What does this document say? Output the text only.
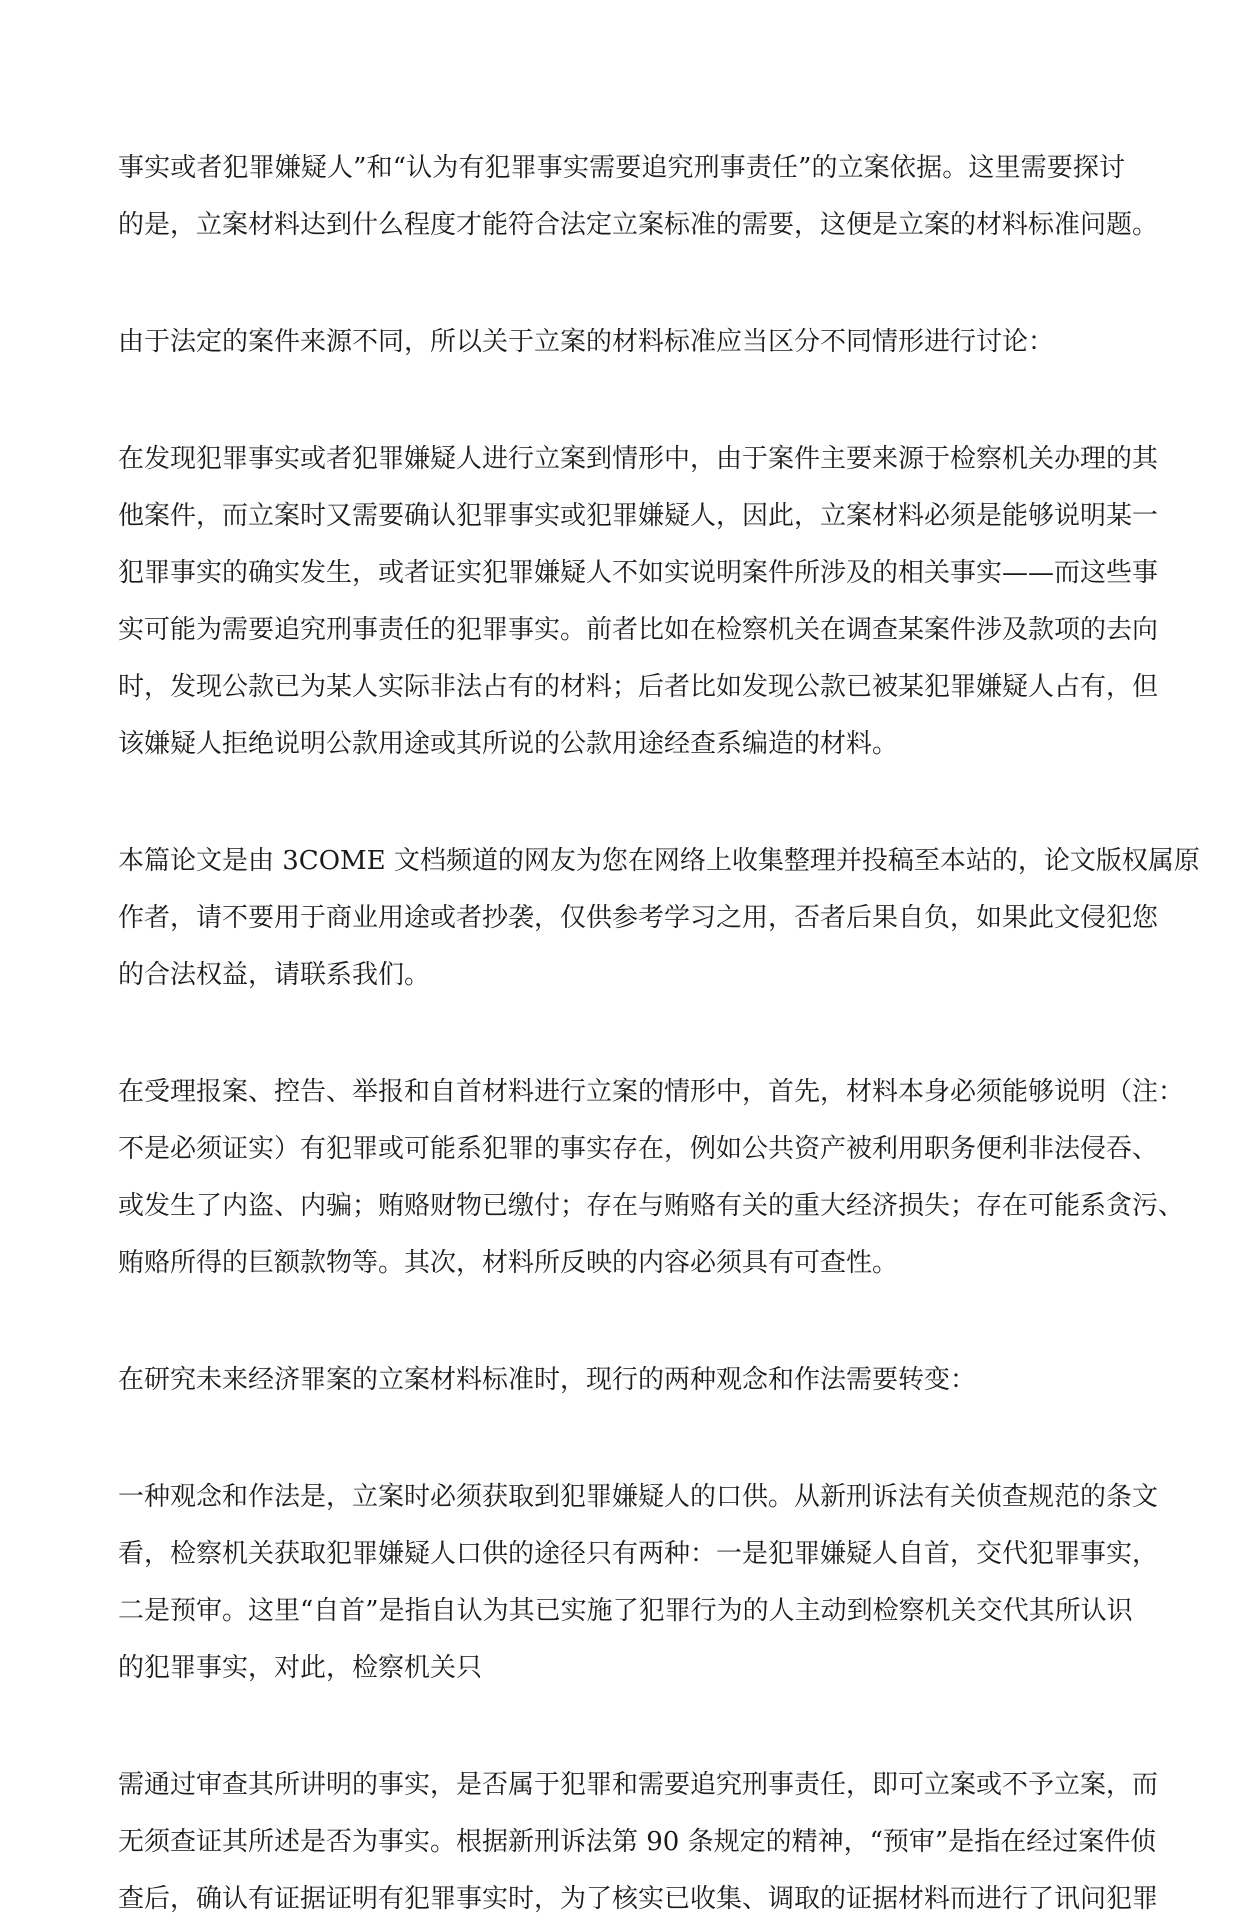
事实或者犯罪嫌疑人”和“认为有犯罪事实需要追究刑事责任”的立案依据。这里需要探讨
的是，立案材料达到什么程度才能符合法定立案标准的需要，这便是立案的材料标准问题。
由于法定的案件来源不同，所以关于立案的材料标准应当区分不同情形进行讨论：
在发现犯罪事实或者犯罪嫌疑人进行立案到情形中，由于案件主要来源于检察机关办理的其
他案件，而立案时又需要确认犯罪事实或犯罪嫌疑人，因此，立案材料必须是能够说明某一
犯罪事实的确实发生，或者证实犯罪嫌疑人不如实说明案件所涉及的相关事实——而这些事
实可能为需要追究刑事责任的犯罪事实。前者比如在检察机关在调查某案件涉及款项的去向
时，发现公款已为某人实际非法占有的材料；后者比如发现公款已被某犯罪嫌疑人占有，但
该嫌疑人拒绝说明公款用途或其所说的公款用途经查系编造的材料。
本篇论文是由 3COME 文档频道的网友为您在网络上收集整理并投稿至本站的，论文版权属原
作者，请不要用于商业用途或者抄袭，仅供参考学习之用，否者后果自负，如果此文侵犯您
的合法权益，请联系我们。
在受理报案、控告、举报和自首材料进行立案的情形中，首先，材料本身必须能够说明（注：
不是必须证实）有犯罪或可能系犯罪的事实存在，例如公共资产被利用职务便利非法侵吞、
或发生了内盗、内骗；贿赂财物已缴付；存在与贿赂有关的重大经济损失；存在可能系贪污、
贿赂所得的巨额款物等。其次，材料所反映的内容必须具有可查性。
在研究未来经济罪案的立案材料标准时，现行的两种观念和作法需要转变：
一种观念和作法是，立案时必须获取到犯罪嫌疑人的口供。从新刑诉法有关侦查规范的条文
看，检察机关获取犯罪嫌疑人口供的途径只有两种：一是犯罪嫌疑人自首，交代犯罪事实，
二是预审。这里“自首”是指自认为其已实施了犯罪行为的人主动到检察机关交代其所认识
的犯罪事实，对此，检察机关只
需通过审查其所讲明的事实，是否属于犯罪和需要追究刑事责任，即可立案或不予立案，而
无须查证其所述是否为事实。根据新刑诉法第 90 条规定的精神，“预审”是指在经过案件侦
查后，确认有证据证明有犯罪事实时，为了核实已收集、调取的证据材料而进行了讯问犯罪
